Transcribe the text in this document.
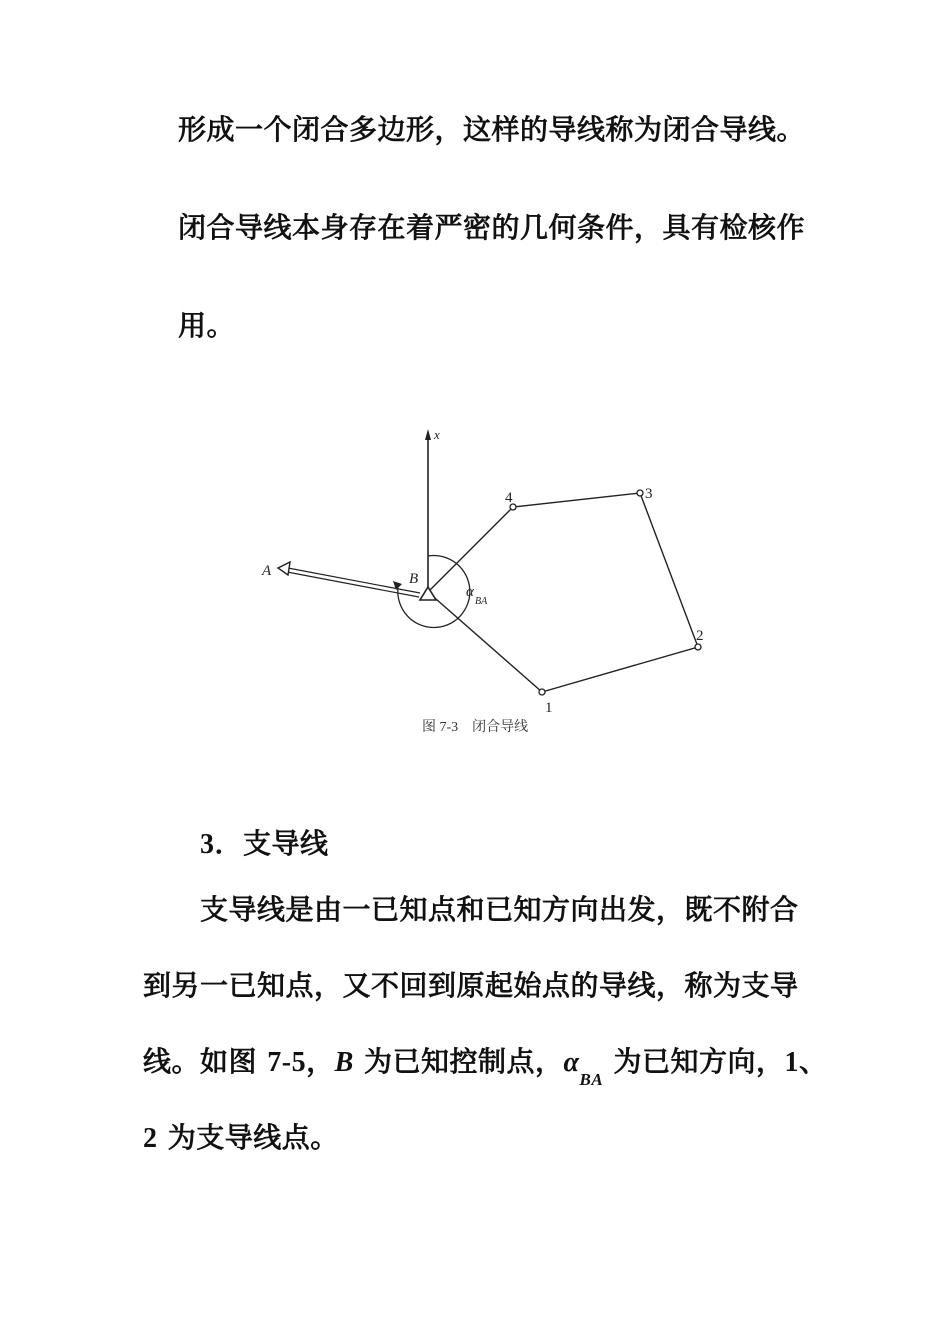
形成一个闭合多边形，这样的导线称为闭合导线。
闭合导线本身存在着严密的几何条件，具有检核作
用。
x
A	B
α
BA
4	3
2
1
图 7-3　闭合导线
3．支导线
支导线是由一已知点和已知方向出发，既不附合
到另一已知点，又不回到原起始点的导线，称为支导
线。如图 7-5，B 为已知控制点，$\alpha_{BA}$ 为已知方向，1、
2 为支导线点。
